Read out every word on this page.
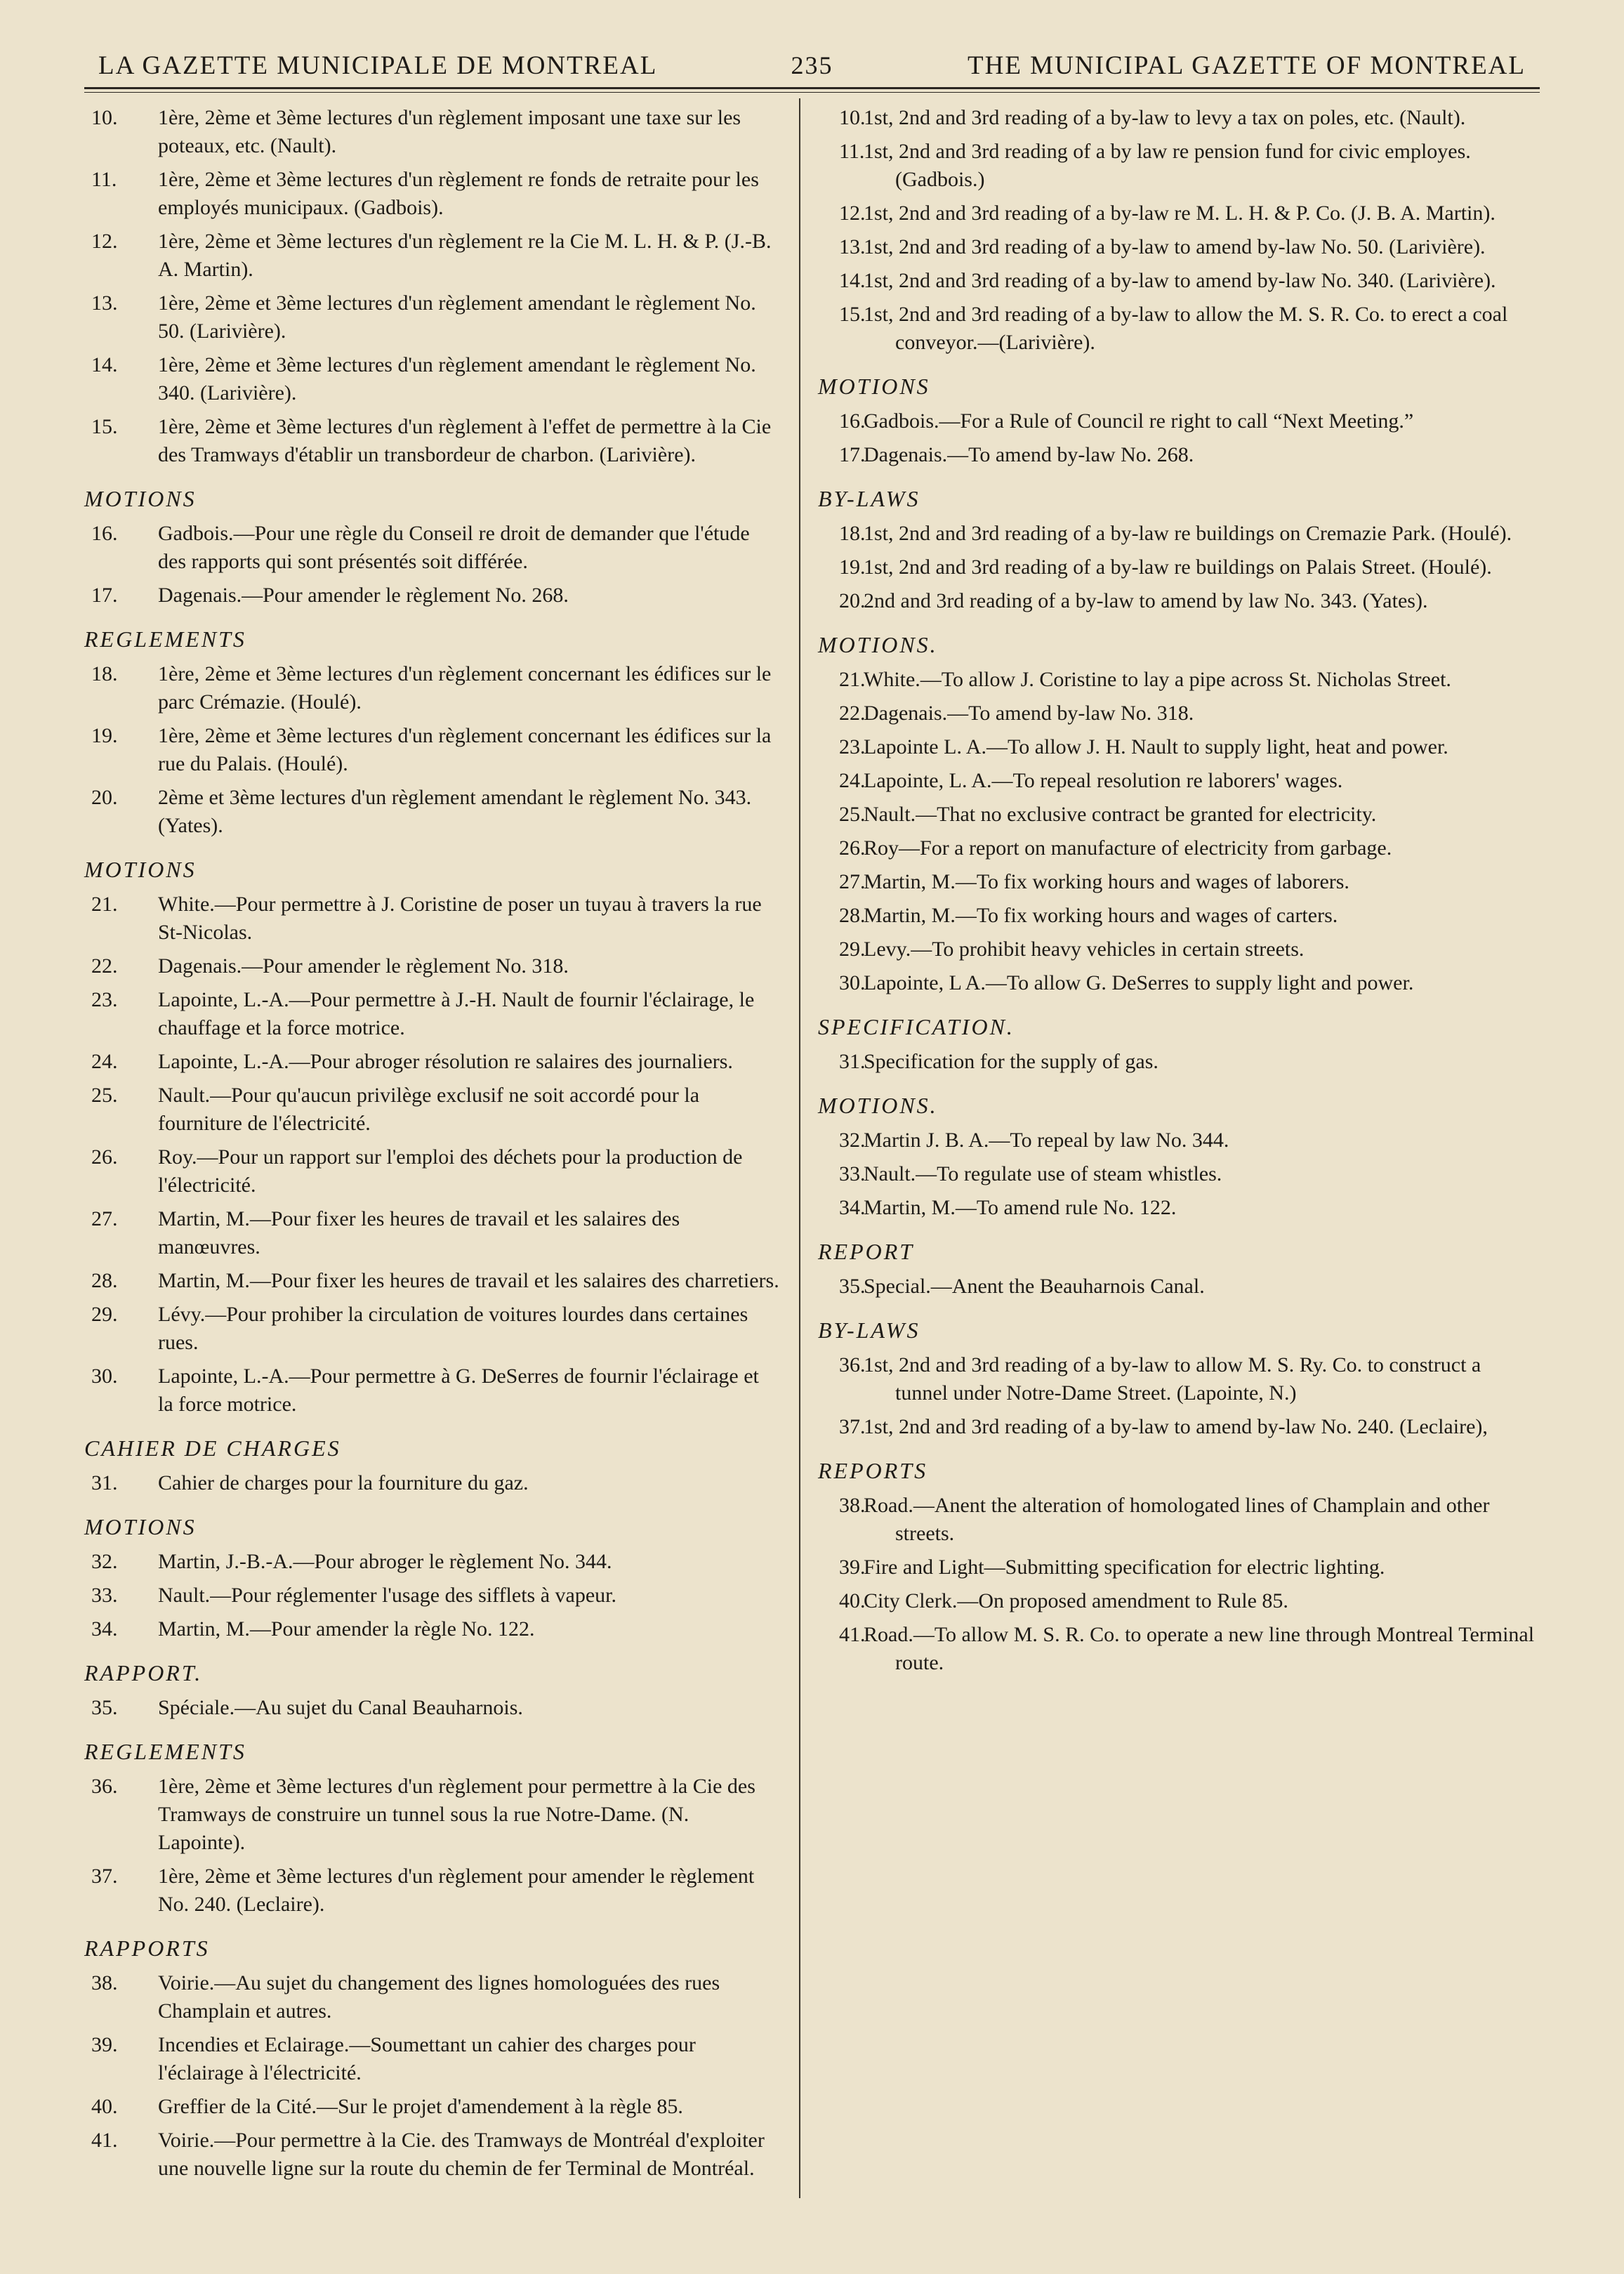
LA GAZETTE MUNICIPALE DE MONTREAL	235	THE MUNICIPAL GAZETTE OF MONTREAL
10. 1ère, 2ème et 3ème lectures d'un règlement imposant une taxe sur les poteaux, etc. (Nault).
11. 1ère, 2ème et 3ème lectures d'un règlement re fonds de retraite pour les employés municipaux. (Gadbois).
12. 1ère, 2ème et 3ème lectures d'un règlement re la Cie M. L. H. & P. (J.-B. A. Martin).
13. 1ère, 2ème et 3ème lectures d'un règlement amendant le règlement No. 50. (Larivière).
14. 1ère, 2ème et 3ème lectures d'un règlement amendant le règlement No. 340. (Larivière).
15. 1ère, 2ème et 3ème lectures d'un règlement à l'effet de permettre à la Cie des Tramways d'établir un transbordeur de charbon. (Larivière).
MOTIONS
16. Gadbois.—Pour une règle du Conseil re droit de demander que l'étude des rapports qui sont présentés soit différée.
17. Dagenais.—Pour amender le règlement No. 268.
REGLEMENTS
18. 1ère, 2ème et 3ème lectures d'un règlement concernant les édifices sur le parc Crémazie. (Houlé).
19. 1ère, 2ème et 3ème lectures d'un règlement concernant les édifices sur la rue du Palais. (Houlé).
20. 2ème et 3ème lectures d'un règlement amendant le règlement No. 343. (Yates).
MOTIONS
21. White.—Pour permettre à J. Coristine de poser un tuyau à travers la rue St-Nicolas.
22. Dagenais.—Pour amender le règlement No. 318.
23. Lapointe, L.-A.—Pour permettre à J.-H. Nault de fournir l'éclairage, le chauffage et la force motrice.
24. Lapointe, L.-A.—Pour abroger résolution re salaires des journaliers.
25. Nault.—Pour qu'aucun privilège exclusif ne soit accordé pour la fourniture de l'électricité.
26. Roy.—Pour un rapport sur l'emploi des déchets pour la production de l'électricité.
27. Martin, M.—Pour fixer les heures de travail et les salaires des manœuvres.
28. Martin, M.—Pour fixer les heures de travail et les salaires des charretiers.
29. Lévy.—Pour prohiber la circulation de voitures lourdes dans certaines rues.
30. Lapointe, L.-A.—Pour permettre à G. DeSerres de fournir l'éclairage et la force motrice.
CAHIER DE CHARGES
31. Cahier de charges pour la fourniture du gaz.
MOTIONS
32. Martin, J.-B.-A.—Pour abroger le règlement No. 344.
33. Nault.—Pour réglementer l'usage des sifflets à vapeur.
34. Martin, M.—Pour amender la règle No. 122.
RAPPORT.
35. Spéciale.—Au sujet du Canal Beauharnois.
REGLEMENTS
36. 1ère, 2ème et 3ème lectures d'un règlement pour permettre à la Cie des Tramways de construire un tunnel sous la rue Notre-Dame. (N. Lapointe).
37. 1ère, 2ème et 3ème lectures d'un règlement pour amender le règlement No. 240. (Leclaire).
RAPPORTS
38. Voirie.—Au sujet du changement des lignes homologuées des rues Champlain et autres.
39. Incendies et Eclairage.—Soumettant un cahier des charges pour l'éclairage à l'électricité.
40. Greffier de la Cité.—Sur le projet d'amendement à la règle 85.
41. Voirie.—Pour permettre à la Cie. des Tramways de Montréal d'exploiter une nouvelle ligne sur la route du chemin de fer Terminal de Montréal.
10.
1st, 2nd and 3rd reading of a by-law to levy a tax on poles, etc. (Nault).
11.
1st, 2nd and 3rd reading of a by law re pension fund for civic employes. (Gadbois.)
12.
1st, 2nd and 3rd reading of a by-law re M. L. H. & P. Co. (J. B. A. Martin).
13.
1st, 2nd and 3rd reading of a by-law to amend by-law No. 50. (Larivière).
14.
1st, 2nd and 3rd reading of a by-law to amend by-law No. 340. (Larivière).
15.
1st, 2nd and 3rd reading of a by-law to allow the M. S. R. Co. to erect a coal conveyor.—(Larivière).
MOTIONS
16.
Gadbois.—For a Rule of Council re right to call “Next Meeting.”
17.
Dagenais.—To amend by-law No. 268.
BY-LAWS
18.
1st, 2nd and 3rd reading of a by-law re buildings on Cremazie Park. (Houlé).
19.
1st, 2nd and 3rd reading of a by-law re buildings on Palais Street. (Houlé).
20.
2nd and 3rd reading of a by-law to amend by law No. 343. (Yates).
MOTIONS.
21.
White.—To allow J. Coristine to lay a pipe across St. Nicholas Street.
22.
Dagenais.—To amend by-law No. 318.
23.
Lapointe L. A.—To allow J. H. Nault to supply light, heat and power.
24.
Lapointe, L. A.—To repeal resolution re laborers' wages.
25.
Nault.—That no exclusive contract be granted for electricity.
26.
Roy—For a report on manufacture of electricity from garbage.
27.
Martin, M.—To fix working hours and wages of laborers.
28.
Martin, M.—To fix working hours and wages of carters.
29.
Levy.—To prohibit heavy vehicles in certain streets.
30.
Lapointe, L A.—To allow G. DeSerres to supply light and power.
SPECIFICATION.
31.
Specification for the supply of gas.
MOTIONS.
32.
Martin J. B. A.—To repeal by law No. 344.
33.
Nault.—To regulate use of steam whistles.
34.
Martin, M.—To amend rule No. 122.
REPORT
35.
Special.—Anent the Beauharnois Canal.
BY-LAWS
36.
1st, 2nd and 3rd reading of a by-law to allow M. S. Ry. Co. to construct a tunnel under Notre-Dame Street. (Lapointe, N.)
37.
1st, 2nd and 3rd reading of a by-law to amend by-law No. 240. (Leclaire),
REPORTS
38.
Road.—Anent the alteration of homologated lines of Champlain and other streets.
39.
Fire and Light—Submitting specification for electric lighting.
40.
City Clerk.—On proposed amendment to Rule 85.
41.
Road.—To allow M. S. R. Co. to operate a new line through Montreal Terminal route.
